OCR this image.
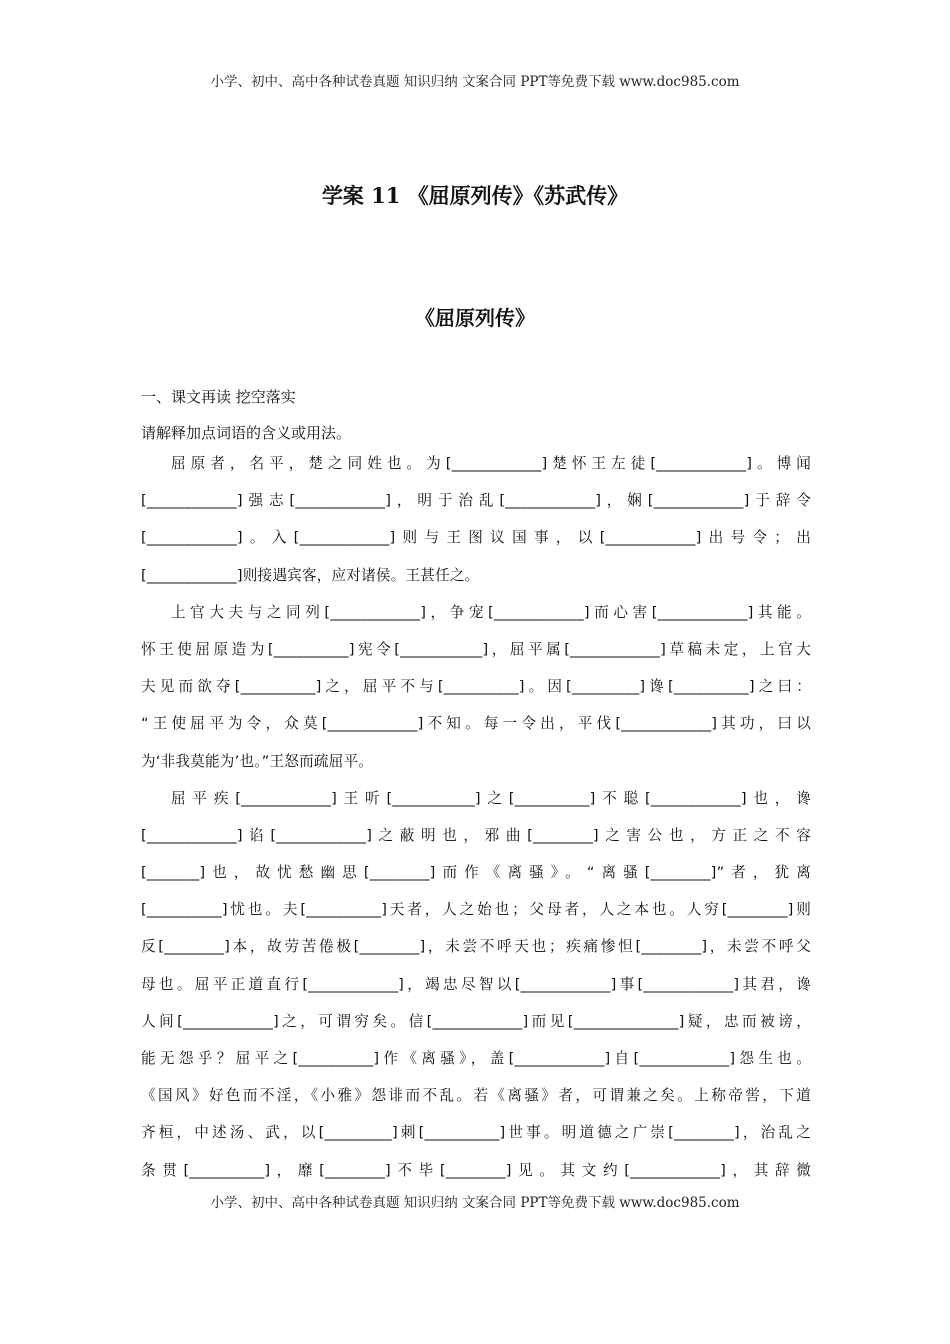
小学、初中、高中各种试卷真题 知识归纳 文案合同 PPT等免费下载 www.doc985.com
学案 11 《屈原列传》《苏武传》
《屈原列传》
一、课文再读 挖空落实
请解释加点词语的含义或用法。
屈原者，名平，楚之同姓也。为[____________]楚怀王左徒[____________]。博闻
[____________]强志[____________]，明于治乱[____________]，娴[____________]于辞令
[____________]。入[____________]则与王图议国事，以[____________]出号令；出
[____________]则接遇宾客，应对诸侯。王甚任之。
上官大夫与之同列[____________]，争宠[____________]而心害[____________]其能。
怀王使屈原造为[__________]宪令[___________]，屈平属[____________]草稿未定，上官大
夫见而欲夺[__________]之，屈平不与[__________]。因[_________]谗[__________]之曰：
“王使屈平为令，众莫[____________]不知。每一令出，平伐[____________]其功，曰以
为‘非我莫能为’也。”王怒而疏屈平。
屈平疾[____________]王听[___________]之[__________]不聪[____________]也，谗
[____________]谄[____________]之蔽明也，邪曲[________]之害公也，方正之不容
[_______]也，故忧愁幽思[________]而作《离骚》。“离骚[________]”者，犹离
[__________]忧也。夫[__________]天者，人之始也；父母者，人之本也。人穷[________]则
反[________]本，故劳苦倦极[________]，未尝不呼天也；疾痛惨怛[________]，未尝不呼父
母也。屈平正道直行[____________]，竭忠尽智以[____________]事[____________]其君，谗
人间[____________]之，可谓穷矣。信[____________]而见[______________]疑，忠而被谤，
能无怨乎？屈平之[__________]作《离骚》，盖[____________]自[____________]怨生也。
《国风》好色而不淫，《小雅》怨诽而不乱。若《离骚》者，可谓兼之矣。上称帝喾，下道
齐桓，中述汤、武，以[_________]刺[__________]世事。明道德之广崇[________]，治乱之
条贯[__________]，靡[________]不毕[________]见。其文约[____________]，其辞微
小学、初中、高中各种试卷真题 知识归纳 文案合同 PPT等免费下载 www.doc985.com
